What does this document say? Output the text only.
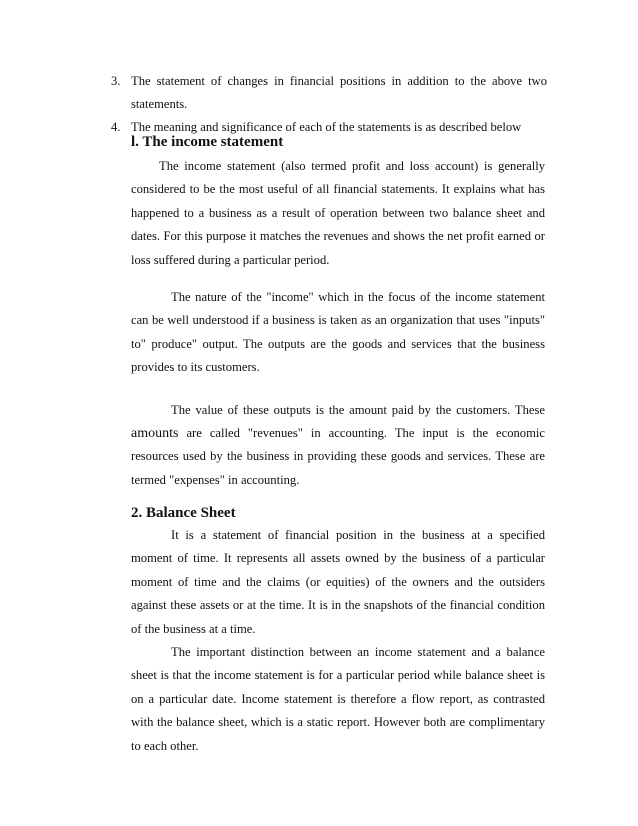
3. The statement of changes in financial positions in addition to the above two statements.
4. The meaning and significance of each of the statements is as described below
l. The income statement

The income statement (also termed profit and loss account) is generally considered to be the most useful of all financial statements. It explains what has happened to a business as a result of operation between two balance sheet and dates. For this purpose it matches the revenues and shows the net profit earned or loss suffered during a particular period.

The nature of the "income" which in the focus of the income statement can be well understood if a business is taken as an organization that uses "inputs" to" produce" output. The outputs are the goods and services that the business provides to its customers.

The value of these outputs is the amount paid by the customers. These amounts are called "revenues" in accounting. The input is the economic resources used by the business in providing these goods and services. These are termed "expenses" in accounting.

2. Balance Sheet

It is a statement of financial position in the business at a specified moment of time. It represents all assets owned by the business of a particular moment of time and the claims (or equities) of the owners and the outsiders against these assets or at the time. It is in the snapshots of the financial condition of the business at a time.

The important distinction between an income statement and a balance sheet is that the income statement is for a particular period while balance sheet is on a particular date. Income statement is therefore a flow report, as contrasted with the balance sheet, which is a static report. However both are complimentary to each other.
